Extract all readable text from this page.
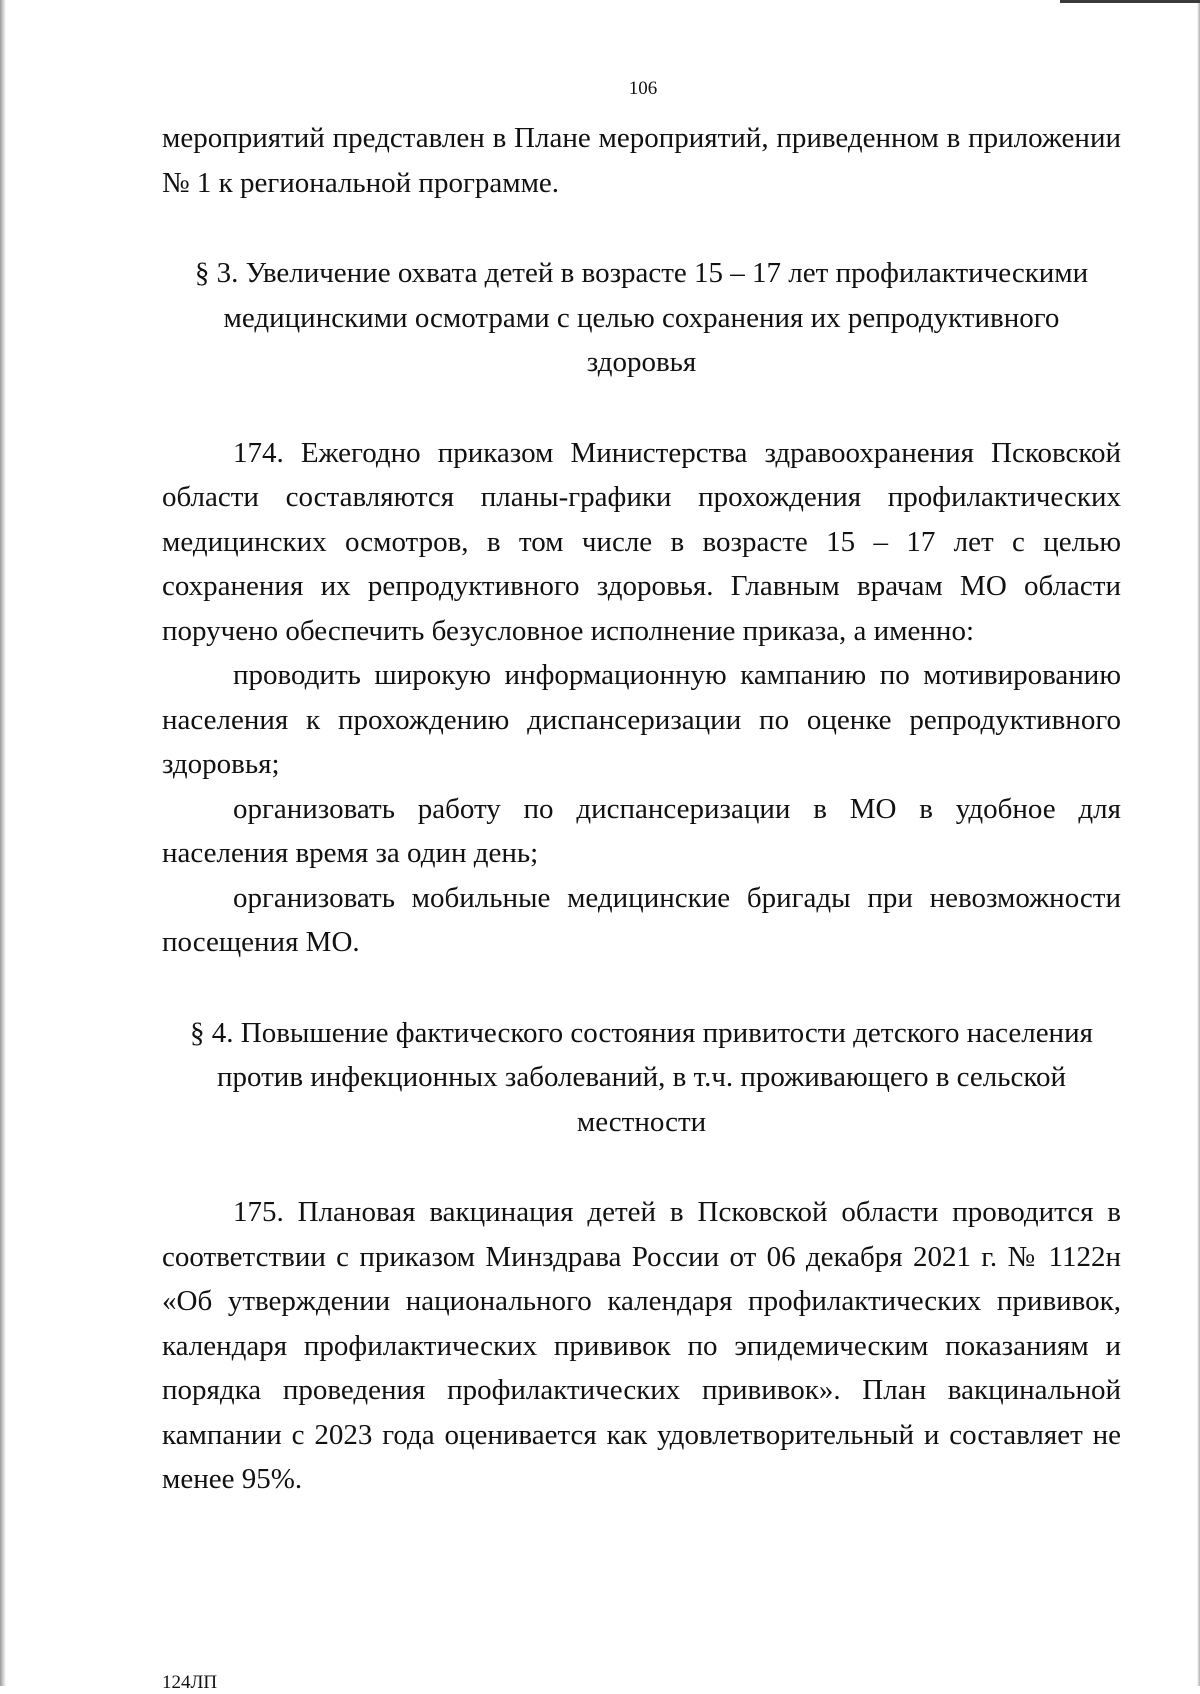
106

мероприятий представлен в Плане мероприятий, приведенном в приложении № 1 к региональной программе.

§ 3. Увеличение охвата детей в возрасте 15 – 17 лет профилактическими

медицинскими осмотрами с целью сохранения их репродуктивного

здоровья

174. Ежегодно приказом Министерства здравоохранения Псковской области составляются планы-графики прохождения профилактических медицинских осмотров, в том числе в возрасте 15 – 17 лет с целью сохранения их репродуктивного здоровья. Главным врачам МО области поручено обеспечить безусловное исполнение приказа, а именно:

проводить широкую информационную кампанию по мотивированию населения к прохождению диспансеризации по оценке репродуктивного здоровья;

организовать работу по диспансеризации в МО в удобное для населения время за один день;

организовать мобильные медицинские бригады при невозможности посещения МО.

§ 4. Повышение фактического состояния привитости детского населения

против инфекционных заболеваний, в т.ч. проживающего в сельской

местности

175. Плановая вакцинация детей в Псковской области проводится в соответствии с приказом Минздрава России от 06 декабря 2021 г. № 1122н «Об утверждении национального календаря профилактических прививок, календаря профилактических прививок по эпидемическим показаниям и порядка проведения профилактических прививок». План вакцинальной кампании с 2023 года оценивается как удовлетворительный и составляет не менее 95%.

124ЛП
